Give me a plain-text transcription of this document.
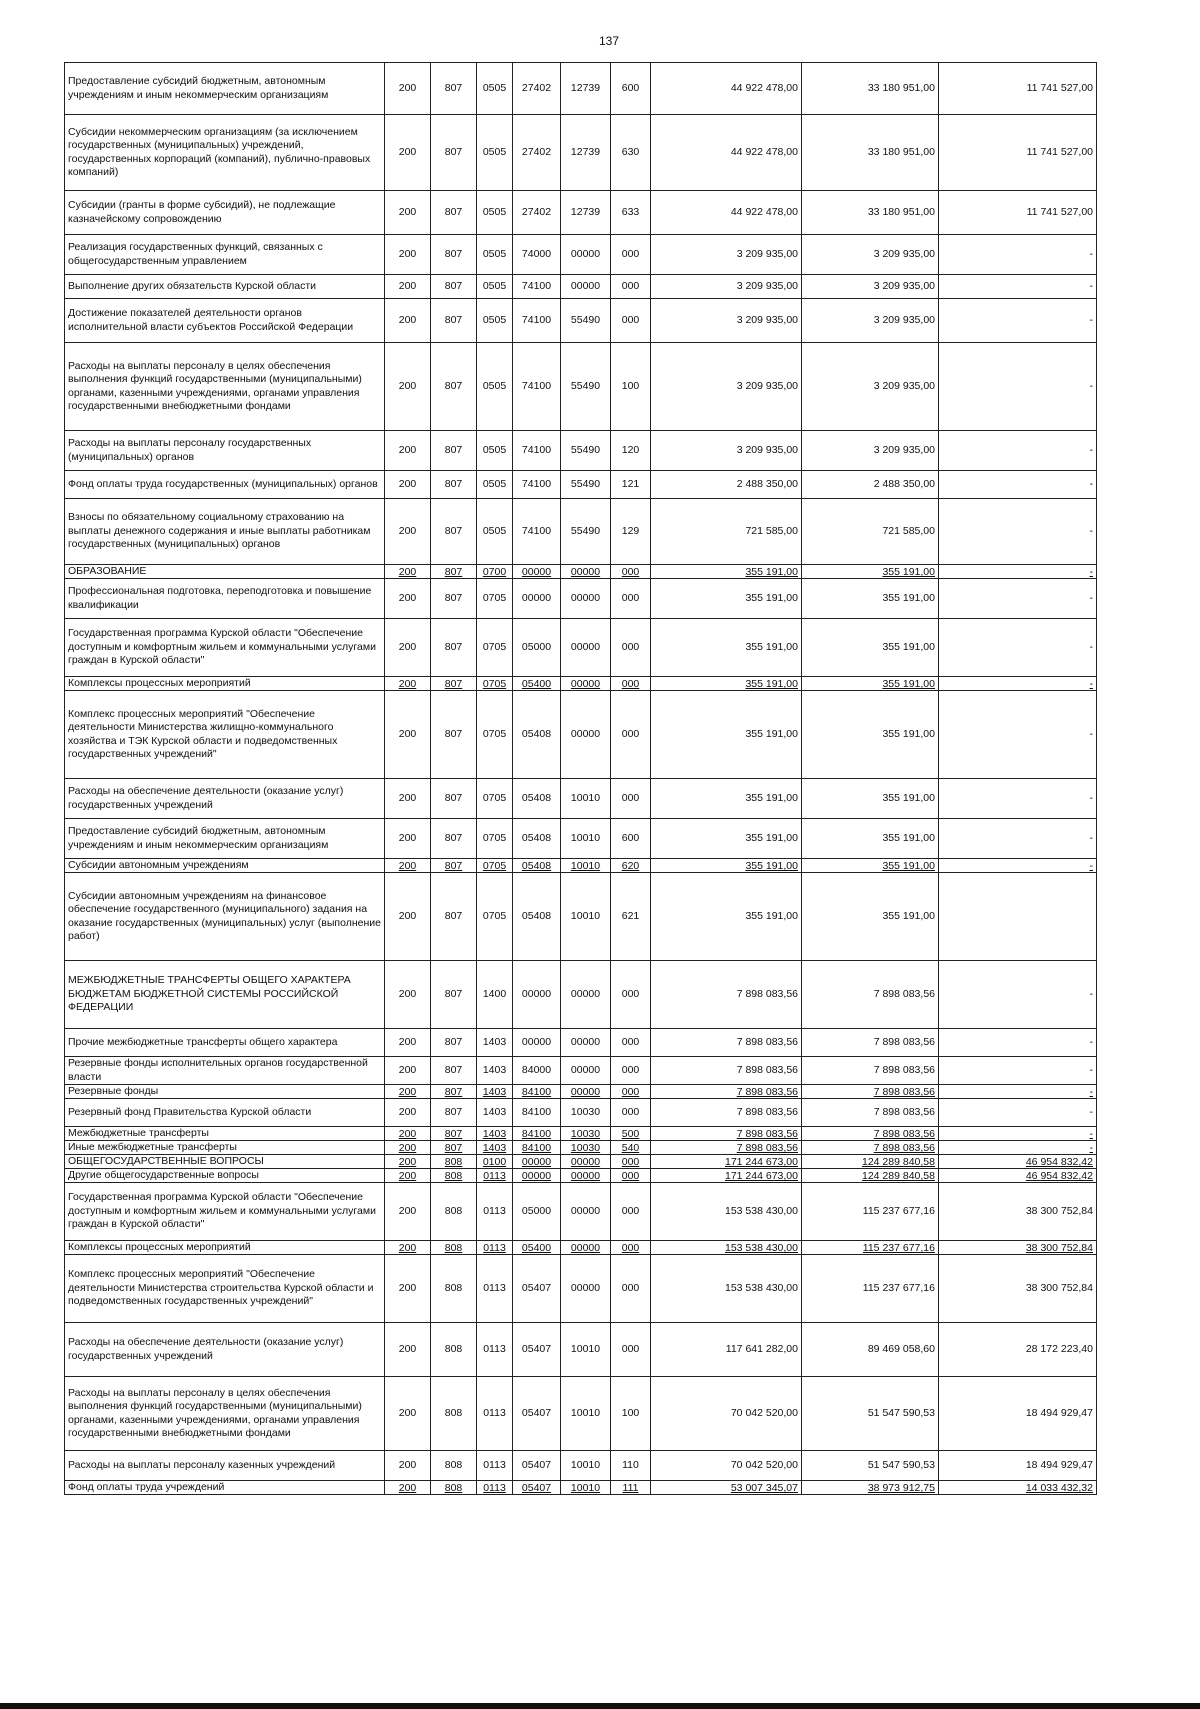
137
Предоставление субсидий бюджетным, автономным учреждениям и иным некоммерческим организациям	200	807	0505	27402	12739	600	44 922 478,00	33 180 951,00	11 741 527,00
Субсидии некоммерческим организациям (за исключением государственных (муниципальных) учреждений, государственных корпораций (компаний), публично-правовых компаний)	200	807	0505	27402	12739	630	44 922 478,00	33 180 951,00	11 741 527,00
Субсидии (гранты в форме субсидий), не подлежащие казначейскому сопровождению	200	807	0505	27402	12739	633	44 922 478,00	33 180 951,00	11 741 527,00
Реализация государственных функций, связанных с общегосударственным управлением	200	807	0505	74000	00000	000	3 209 935,00	3 209 935,00	-
Выполнение других обязательств Курской области	200	807	0505	74100	00000	000	3 209 935,00	3 209 935,00	-
Достижение показателей деятельности органов исполнительной власти субъектов Российской Федерации	200	807	0505	74100	55490	000	3 209 935,00	3 209 935,00	-
Расходы на выплаты персоналу в целях обеспечения выполнения функций государственными (муниципальными) органами, казенными учреждениями, органами управления государственными внебюджетными фондами	200	807	0505	74100	55490	100	3 209 935,00	3 209 935,00	-
Расходы на выплаты персоналу государственных (муниципальных) органов	200	807	0505	74100	55490	120	3 209 935,00	3 209 935,00	-
Фонд оплаты труда государственных (муниципальных) органов	200	807	0505	74100	55490	121	2 488 350,00	2 488 350,00	-
Взносы по обязательному социальному страхованию на выплаты денежного содержания и иные выплаты работникам государственных (муниципальных) органов	200	807	0505	74100	55490	129	721 585,00	721 585,00	-
ОБРАЗОВАНИЕ	200	807	0700	00000	00000	000	355 191,00	355 191,00	-
Профессиональная подготовка, переподготовка и повышение квалификации	200	807	0705	00000	00000	000	355 191,00	355 191,00	-
Государственная программа Курской области "Обеспечение доступным и комфортным жильем и коммунальными услугами граждан в Курской области"	200	807	0705	05000	00000	000	355 191,00	355 191,00	-
Комплексы процессных мероприятий	200	807	0705	05400	00000	000	355 191,00	355 191,00	-
Комплекс процессных мероприятий "Обеспечение деятельности Министерства жилищно-коммунального хозяйства и ТЭК Курской области и подведомственных государственных учреждений"	200	807	0705	05408	00000	000	355 191,00	355 191,00	-
Расходы на обеспечение деятельности (оказание услуг) государственных учреждений	200	807	0705	05408	10010	000	355 191,00	355 191,00	-
Предоставление субсидий бюджетным, автономным учреждениям и иным некоммерческим организациям	200	807	0705	05408	10010	600	355 191,00	355 191,00	-
Субсидии автономным учреждениям	200	807	0705	05408	10010	620	355 191,00	355 191,00	-
Субсидии автономным учреждениям на финансовое обеспечение государственного (муниципального) задания на оказание государственных (муниципальных) услуг (выполнение работ)	200	807	0705	05408	10010	621	355 191,00	355 191,00	
МЕЖБЮДЖЕТНЫЕ ТРАНСФЕРТЫ ОБЩЕГО ХАРАКТЕРА БЮДЖЕТАМ БЮДЖЕТНОЙ СИСТЕМЫ РОССИЙСКОЙ ФЕДЕРАЦИИ	200	807	1400	00000	00000	000	7 898 083,56	7 898 083,56	-
Прочие межбюджетные трансферты общего характера	200	807	1403	00000	00000	000	7 898 083,56	7 898 083,56	-
Резервные фонды исполнительных органов государственной власти	200	807	1403	84000	00000	000	7 898 083,56	7 898 083,56	-
Резервные фонды	200	807	1403	84100	00000	000	7 898 083,56	7 898 083,56	-
Резервный фонд Правительства Курской области	200	807	1403	84100	10030	000	7 898 083,56	7 898 083,56	-
Межбюджетные трансферты	200	807	1403	84100	10030	500	7 898 083,56	7 898 083,56	-
Иные межбюджетные трансферты	200	807	1403	84100	10030	540	7 898 083,56	7 898 083,56	-
ОБЩЕГОСУДАРСТВЕННЫЕ ВОПРОСЫ	200	808	0100	00000	00000	000	171 244 673,00	124 289 840,58	46 954 832,42
Другие общегосударственные вопросы	200	808	0113	00000	00000	000	171 244 673,00	124 289 840,58	46 954 832,42
Государственная программа Курской области "Обеспечение доступным и комфортным жильем и коммунальными услугами граждан в Курской области"	200	808	0113	05000	00000	000	153 538 430,00	115 237 677,16	38 300 752,84
Комплексы процессных мероприятий	200	808	0113	05400	00000	000	153 538 430,00	115 237 677,16	38 300 752,84
Комплекс процессных мероприятий "Обеспечение деятельности Министерства строительства Курской области и подведомственных государственных учреждений"	200	808	0113	05407	00000	000	153 538 430,00	115 237 677,16	38 300 752,84
Расходы на обеспечение деятельности (оказание услуг) государственных учреждений	200	808	0113	05407	10010	000	117 641 282,00	89 469 058,60	28 172 223,40
Расходы на выплаты персоналу в целях обеспечения выполнения функций государственными (муниципальными) органами, казенными учреждениями, органами управления государственными внебюджетными фондами	200	808	0113	05407	10010	100	70 042 520,00	51 547 590,53	18 494 929,47
Расходы на выплаты персоналу казенных учреждений	200	808	0113	05407	10010	110	70 042 520,00	51 547 590,53	18 494 929,47
Фонд оплаты труда учреждений	200	808	0113	05407	10010	111	53 007 345,07	38 973 912,75	14 033 432,32
